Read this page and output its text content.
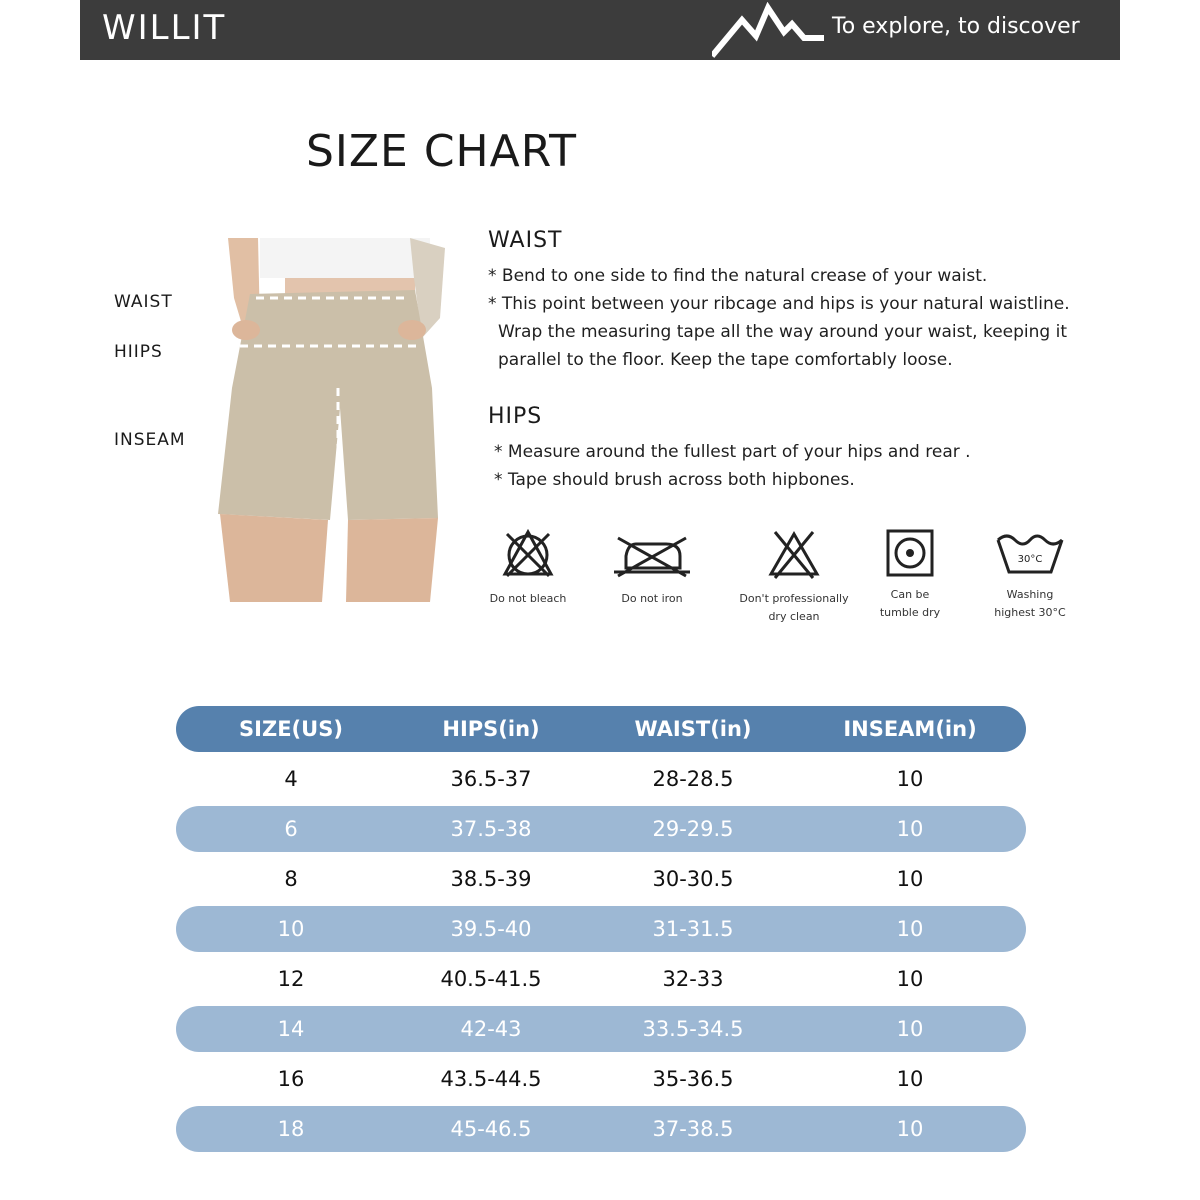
WILLIT	To explore, to discover
SIZE CHART
WAIST
HIIPS
INSEAM
WAIST
* Bend to one side to find the natural crease of your waist.
* This point between your ribcage and hips is your natural waistline.
Wrap the measuring tape all the way around your waist, keeping it
parallel to the floor. Keep the tape comfortably loose.
HIPS
* Measure around the fullest part of your hips and rear .
* Tape should brush across both hipbones.
Do not bleach	Do not iron	Don't professionally
dry clean
Can be
tumble dry
30°C
Washing
highest 30°C
SIZE(US)	HIPS(in)	WAIST(in)	INSEAM(in)
4	36.5-37	28-28.5	10
6	37.5-38	29-29.5	10
8	38.5-39	30-30.5	10
10	39.5-40	31-31.5	10
12	40.5-41.5	32-33	10
14	42-43	33.5-34.5	10
16	43.5-44.5	35-36.5	10
18	45-46.5	37-38.5	10
